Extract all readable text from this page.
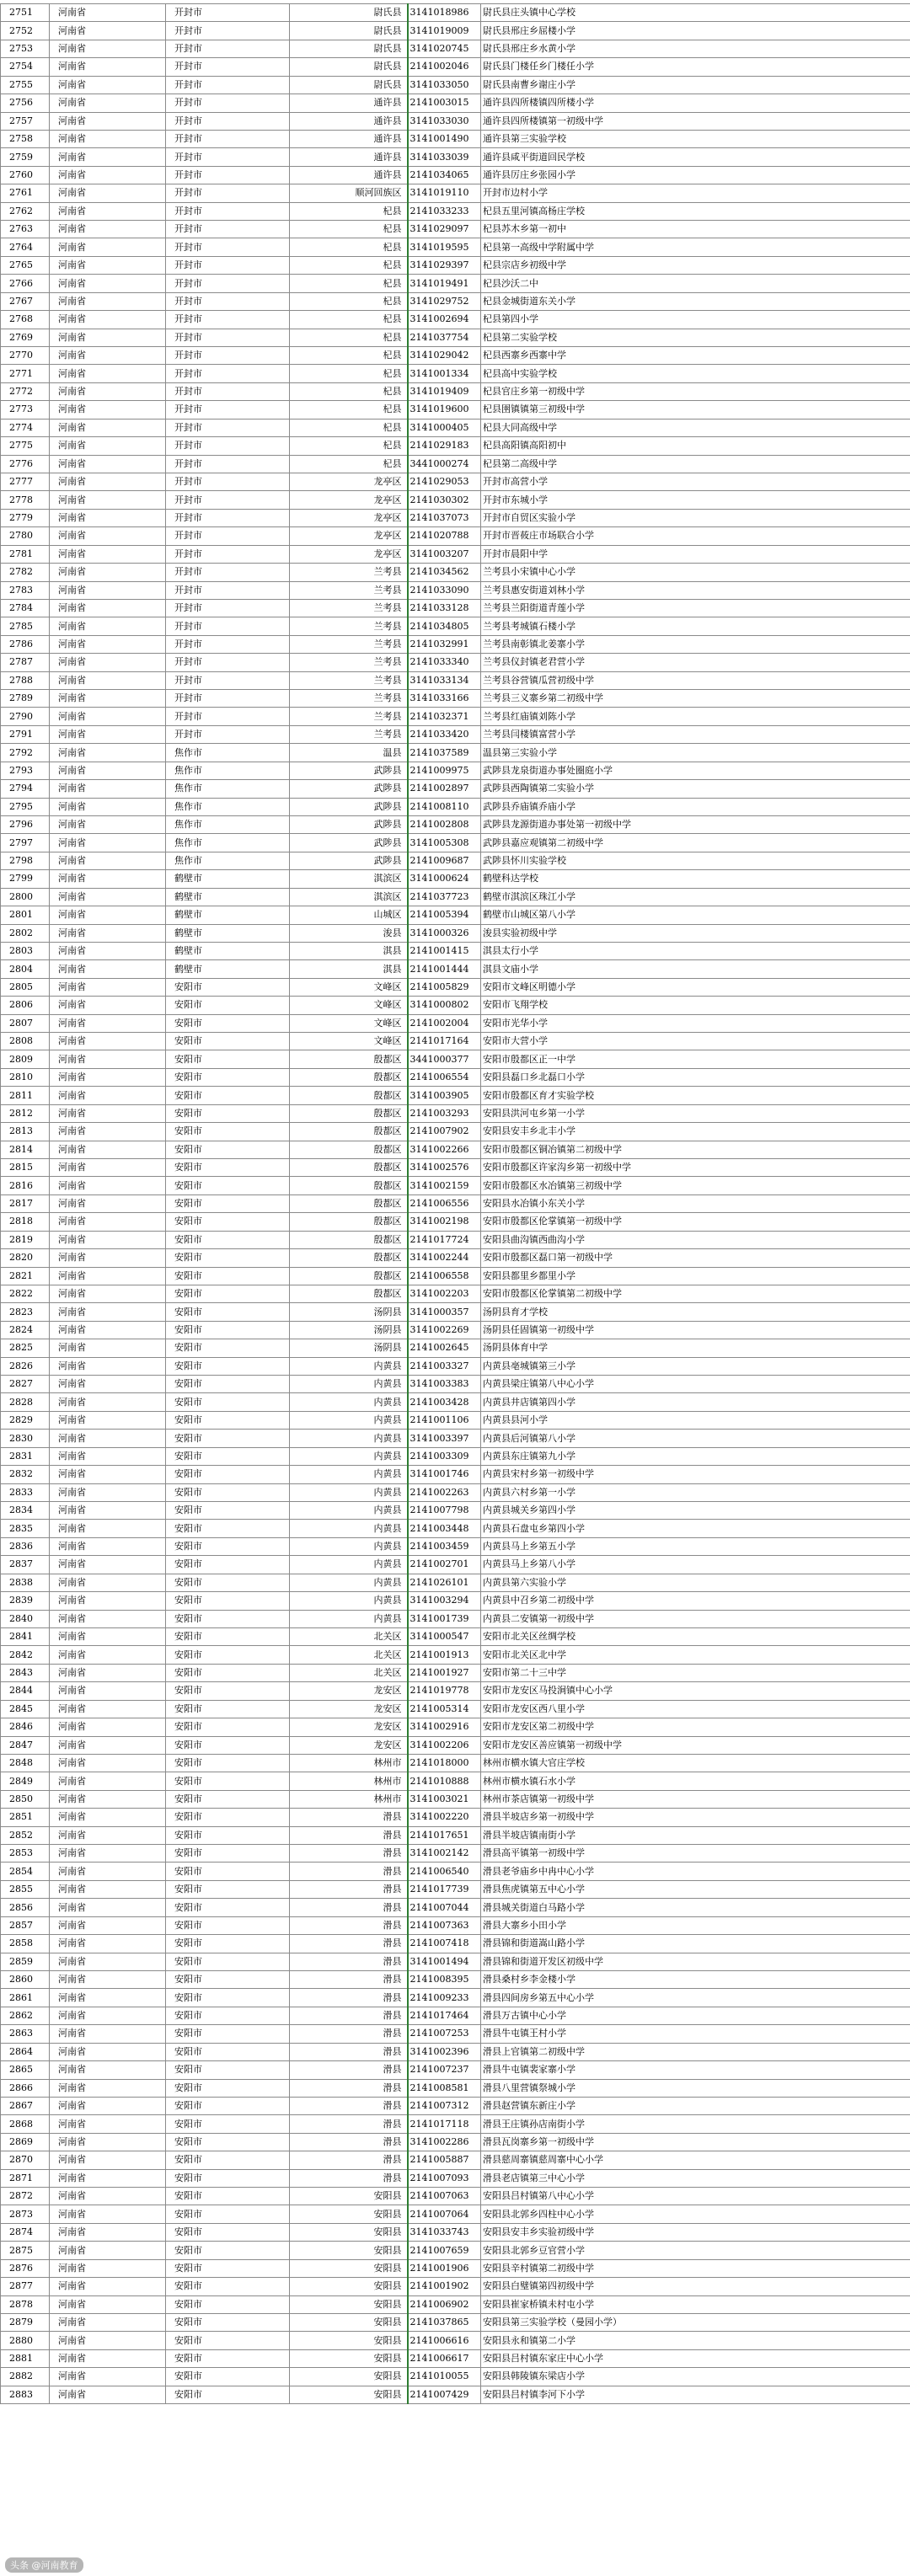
2751	河南省	开封市	尉氏县	3141018986	尉氏县庄头镇中心学校
2752	河南省	开封市	尉氏县	3141019009	尉氏县邢庄乡屈楼小学
2753	河南省	开封市	尉氏县	3141020745	尉氏县邢庄乡水黄小学
2754	河南省	开封市	尉氏县	2141002046	尉氏县门楼任乡门楼任小学
2755	河南省	开封市	尉氏县	3141033050	尉氏县南曹乡谢庄小学
2756	河南省	开封市	通许县	2141003015	通许县四所楼镇四所楼小学
2757	河南省	开封市	通许县	3141033030	通许县四所楼镇第一初级中学
2758	河南省	开封市	通许县	3141001490	通许县第三实验学校
2759	河南省	开封市	通许县	3141033039	通许县咸平街道回民学校
2760	河南省	开封市	通许县	2141034065	通许县厉庄乡张园小学
2761	河南省	开封市	顺河回族区	3141019110	开封市边村小学
2762	河南省	开封市	杞县	2141033233	杞县五里河镇高杨庄学校
2763	河南省	开封市	杞县	3141029097	杞县苏木乡第一初中
2764	河南省	开封市	杞县	3141019595	杞县第一高级中学附属中学
2765	河南省	开封市	杞县	3141029397	杞县宗店乡初级中学
2766	河南省	开封市	杞县	3141019491	杞县沙沃二中
2767	河南省	开封市	杞县	3141029752	杞县金城街道东关小学
2768	河南省	开封市	杞县	3141002694	杞县第四小学
2769	河南省	开封市	杞县	2141037754	杞县第二实验学校
2770	河南省	开封市	杞县	3141029042	杞县西寨乡西寨中学
2771	河南省	开封市	杞县	3141001334	杞县高中实验学校
2772	河南省	开封市	杞县	3141019409	杞县官庄乡第一初级中学
2773	河南省	开封市	杞县	3141019600	杞县圉镇镇第三初级中学
2774	河南省	开封市	杞县	3141000405	杞县大同高级中学
2775	河南省	开封市	杞县	2141029183	杞县高阳镇高阳初中
2776	河南省	开封市	杞县	3441000274	杞县第二高级中学
2777	河南省	开封市	龙亭区	2141029053	开封市高营小学
2778	河南省	开封市	龙亭区	2141030302	开封市东城小学
2779	河南省	开封市	龙亭区	2141037073	开封市自贸区实验小学
2780	河南省	开封市	龙亭区	2141020788	开封市晋莜庄市场联合小学
2781	河南省	开封市	龙亭区	3141003207	开封市晨阳中学
2782	河南省	开封市	兰考县	2141034562	兰考县小宋镇中心小学
2783	河南省	开封市	兰考县	2141033090	兰考县惠安街道刘林小学
2784	河南省	开封市	兰考县	2141033128	兰考县兰阳街道青莲小学
2785	河南省	开封市	兰考县	2141034805	兰考县考城镇石楼小学
2786	河南省	开封市	兰考县	2141032991	兰考县南彰镇北姜寨小学
2787	河南省	开封市	兰考县	2141033340	兰考县仪封镇老君营小学
2788	河南省	开封市	兰考县	3141033134	兰考县谷营镇瓜营初级中学
2789	河南省	开封市	兰考县	3141033166	兰考县三义寨乡第二初级中学
2790	河南省	开封市	兰考县	2141032371	兰考县红庙镇刘陈小学
2791	河南省	开封市	兰考县	2141033420	兰考县闫楼镇富营小学
2792	河南省	焦作市	温县	2141037589	温县第三实验小学
2793	河南省	焦作市	武陟县	2141009975	武陟县龙泉街道办事处圈庭小学
2794	河南省	焦作市	武陟县	2141002897	武陟县西陶镇第二实验小学
2795	河南省	焦作市	武陟县	2141008110	武陟县乔庙镇乔庙小学
2796	河南省	焦作市	武陟县	2141002808	武陟县龙源街道办事处第一初级中学
2797	河南省	焦作市	武陟县	3141005308	武陟县嘉应观镇第二初级中学
2798	河南省	焦作市	武陟县	2141009687	武陟县怀川实验学校
2799	河南省	鹤壁市	淇滨区	3141000624	鹤壁科达学校
2800	河南省	鹤壁市	淇滨区	2141037723	鹤壁市淇滨区珠江小学
2801	河南省	鹤壁市	山城区	2141005394	鹤壁市山城区第八小学
2802	河南省	鹤壁市	浚县	3141000326	浚县实验初级中学
2803	河南省	鹤壁市	淇县	2141001415	淇县太行小学
2804	河南省	鹤壁市	淇县	2141001444	淇县文庙小学
2805	河南省	安阳市	文峰区	2141005829	安阳市文峰区明德小学
2806	河南省	安阳市	文峰区	3141000802	安阳市飞翔学校
2807	河南省	安阳市	文峰区	2141002004	安阳市光华小学
2808	河南省	安阳市	文峰区	2141017164	安阳市大营小学
2809	河南省	安阳市	殷都区	3441000377	安阳市殷都区正一中学
2810	河南省	安阳市	殷都区	2141006554	安阳县磊口乡北磊口小学
2811	河南省	安阳市	殷都区	3141003905	安阳市殷都区育才实验学校
2812	河南省	安阳市	殷都区	2141003293	安阳县洪河屯乡第一小学
2813	河南省	安阳市	殷都区	2141007902	安阳县安丰乡北丰小学
2814	河南省	安阳市	殷都区	3141002266	安阳市殷都区铜冶镇第二初级中学
2815	河南省	安阳市	殷都区	3141002576	安阳市殷都区许家沟乡第一初级中学
2816	河南省	安阳市	殷都区	3141002159	安阳市殷都区水冶镇第三初级中学
2817	河南省	安阳市	殷都区	2141006556	安阳县水冶镇小东关小学
2818	河南省	安阳市	殷都区	3141002198	安阳市殷都区伦掌镇第一初级中学
2819	河南省	安阳市	殷都区	2141017724	安阳县曲沟镇西曲沟小学
2820	河南省	安阳市	殷都区	3141002244	安阳市殷都区磊口第一初级中学
2821	河南省	安阳市	殷都区	2141006558	安阳县都里乡都里小学
2822	河南省	安阳市	殷都区	3141002203	安阳市殷都区伦掌镇第二初级中学
2823	河南省	安阳市	汤阴县	3141000357	汤阴县育才学校
2824	河南省	安阳市	汤阴县	3141002269	汤阴县任固镇第一初级中学
2825	河南省	安阳市	汤阴县	2141002645	汤阴县体育中学
2826	河南省	安阳市	内黄县	2141003327	内黄县亳城镇第三小学
2827	河南省	安阳市	内黄县	3141003383	内黄县梁庄镇第八中心小学
2828	河南省	安阳市	内黄县	2141003428	内黄县井店镇第四小学
2829	河南省	安阳市	内黄县	2141001106	内黄县县河小学
2830	河南省	安阳市	内黄县	3141003397	内黄县后河镇第八小学
2831	河南省	安阳市	内黄县	2141003309	内黄县东庄镇第九小学
2832	河南省	安阳市	内黄县	3141001746	内黄县宋村乡第一初级中学
2833	河南省	安阳市	内黄县	2141002263	内黄县六村乡第一小学
2834	河南省	安阳市	内黄县	2141007798	内黄县城关乡第四小学
2835	河南省	安阳市	内黄县	2141003448	内黄县石盘屯乡第四小学
2836	河南省	安阳市	内黄县	2141003459	内黄县马上乡第五小学
2837	河南省	安阳市	内黄县	2141002701	内黄县马上乡第八小学
2838	河南省	安阳市	内黄县	2141026101	内黄县第六实验小学
2839	河南省	安阳市	内黄县	3141003294	内黄县中召乡第二初级中学
2840	河南省	安阳市	内黄县	3141001739	内黄县二安镇第一初级中学
2841	河南省	安阳市	北关区	3141000547	安阳市北关区丝绸学校
2842	河南省	安阳市	北关区	2141001913	安阳市北关区北中学
2843	河南省	安阳市	北关区	2141001927	安阳市第二十三中学
2844	河南省	安阳市	龙安区	2141019778	安阳市龙安区马投涧镇中心小学
2845	河南省	安阳市	龙安区	2141005314	安阳市龙安区西八里小学
2846	河南省	安阳市	龙安区	3141002916	安阳市龙安区第二初级中学
2847	河南省	安阳市	龙安区	3141002206	安阳市龙安区善应镇第一初级中学
2848	河南省	安阳市	林州市	2141018000	林州市横水镇大官庄学校
2849	河南省	安阳市	林州市	2141010888	林州市横水镇石水小学
2850	河南省	安阳市	林州市	3141003021	林州市茶店镇第一初级中学
2851	河南省	安阳市	滑县	3141002220	滑县半坡店乡第一初级中学
2852	河南省	安阳市	滑县	2141017651	滑县半坡店镇南街小学
2853	河南省	安阳市	滑县	3141002142	滑县高平镇第一初级中学
2854	河南省	安阳市	滑县	2141006540	滑县老爷庙乡中冉中心小学
2855	河南省	安阳市	滑县	2141017739	滑县焦虎镇第五中心小学
2856	河南省	安阳市	滑县	2141007044	滑县城关街道白马路小学
2857	河南省	安阳市	滑县	2141007363	滑县大寨乡小田小学
2858	河南省	安阳市	滑县	2141007418	滑县锦和街道嵩山路小学
2859	河南省	安阳市	滑县	3141001494	滑县锦和街道开发区初级中学
2860	河南省	安阳市	滑县	2141008395	滑县桑村乡李金楼小学
2861	河南省	安阳市	滑县	2141009233	滑县四间房乡第五中心小学
2862	河南省	安阳市	滑县	2141017464	滑县万古镇中心小学
2863	河南省	安阳市	滑县	2141007253	滑县牛屯镇王村小学
2864	河南省	安阳市	滑县	3141002396	滑县上官镇第二初级中学
2865	河南省	安阳市	滑县	2141007237	滑县牛屯镇裴家寨小学
2866	河南省	安阳市	滑县	2141008581	滑县八里营镇祭城小学
2867	河南省	安阳市	滑县	2141007312	滑县赵营镇东新庄小学
2868	河南省	安阳市	滑县	2141017118	滑县王庄镇孙店南街小学
2869	河南省	安阳市	滑县	3141002286	滑县瓦岗寨乡第一初级中学
2870	河南省	安阳市	滑县	2141005887	滑县慈周寨镇慈周寨中心小学
2871	河南省	安阳市	滑县	2141007093	滑县老店镇第三中心小学
2872	河南省	安阳市	安阳县	2141007063	安阳县吕村镇第八中心小学
2873	河南省	安阳市	安阳县	2141007064	安阳县北郭乡四柱中心小学
2874	河南省	安阳市	安阳县	3141033743	安阳县安丰乡实验初级中学
2875	河南省	安阳市	安阳县	2141007659	安阳县北郭乡豆官营小学
2876	河南省	安阳市	安阳县	2141001906	安阳县辛村镇第二初级中学
2877	河南省	安阳市	安阳县	2141001902	安阳县白璧镇第四初级中学
2878	河南省	安阳市	安阳县	2141006902	安阳县崔家桥镇未村屯小学
2879	河南省	安阳市	安阳县	2141037865	安阳县第三实验学校（曼园小学）
2880	河南省	安阳市	安阳县	2141006616	安阳县永和镇第二小学
2881	河南省	安阳市	安阳县	2141006617	安阳县吕村镇东家庄中心小学
2882	河南省	安阳市	安阳县	2141010055	安阳县韩陵镇东梁店小学
2883	河南省	安阳市	安阳县	2141007429	安阳县吕村镇李河下小学
头条 @河南教育
